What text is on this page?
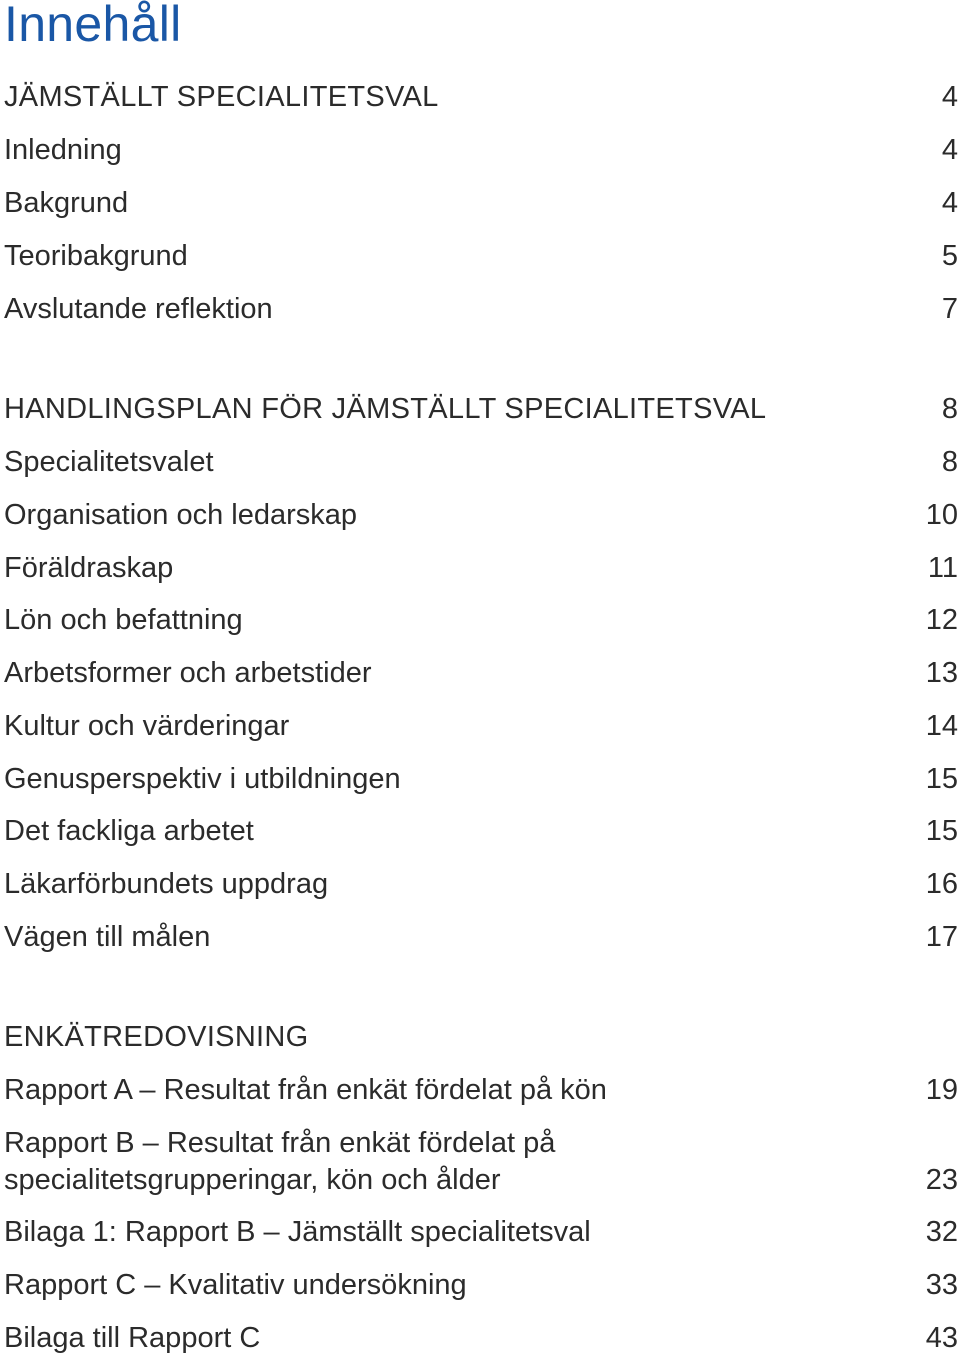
Innehåll
JÄMSTÄLLT SPECIALITETSVAL	4
Inledning	4
Bakgrund	4
Teoribakgrund	5
Avslutande reflektion	7
HANDLINGSPLAN FÖR JÄMSTÄLLT SPECIALITETSVAL	8
Specialitetsvalet	8
Organisation och ledarskap	10
Föräldraskap	11
Lön och befattning	12
Arbetsformer och arbetstider	13
Kultur och värderingar	14
Genusperspektiv i utbildningen	15
Det fackliga arbetet	15
Läkarförbundets uppdrag	16
Vägen till målen	17
ENKÄTREDOVISNING
Rapport A – Resultat från enkät fördelat på kön	19
Rapport B – Resultat från enkät fördelat på
specialitetsgrupperingar, kön och ålder	23
Bilaga 1: Rapport B – Jämställt specialitetsval	32
Rapport C – Kvalitativ undersökning	33
Bilaga till Rapport C	43
